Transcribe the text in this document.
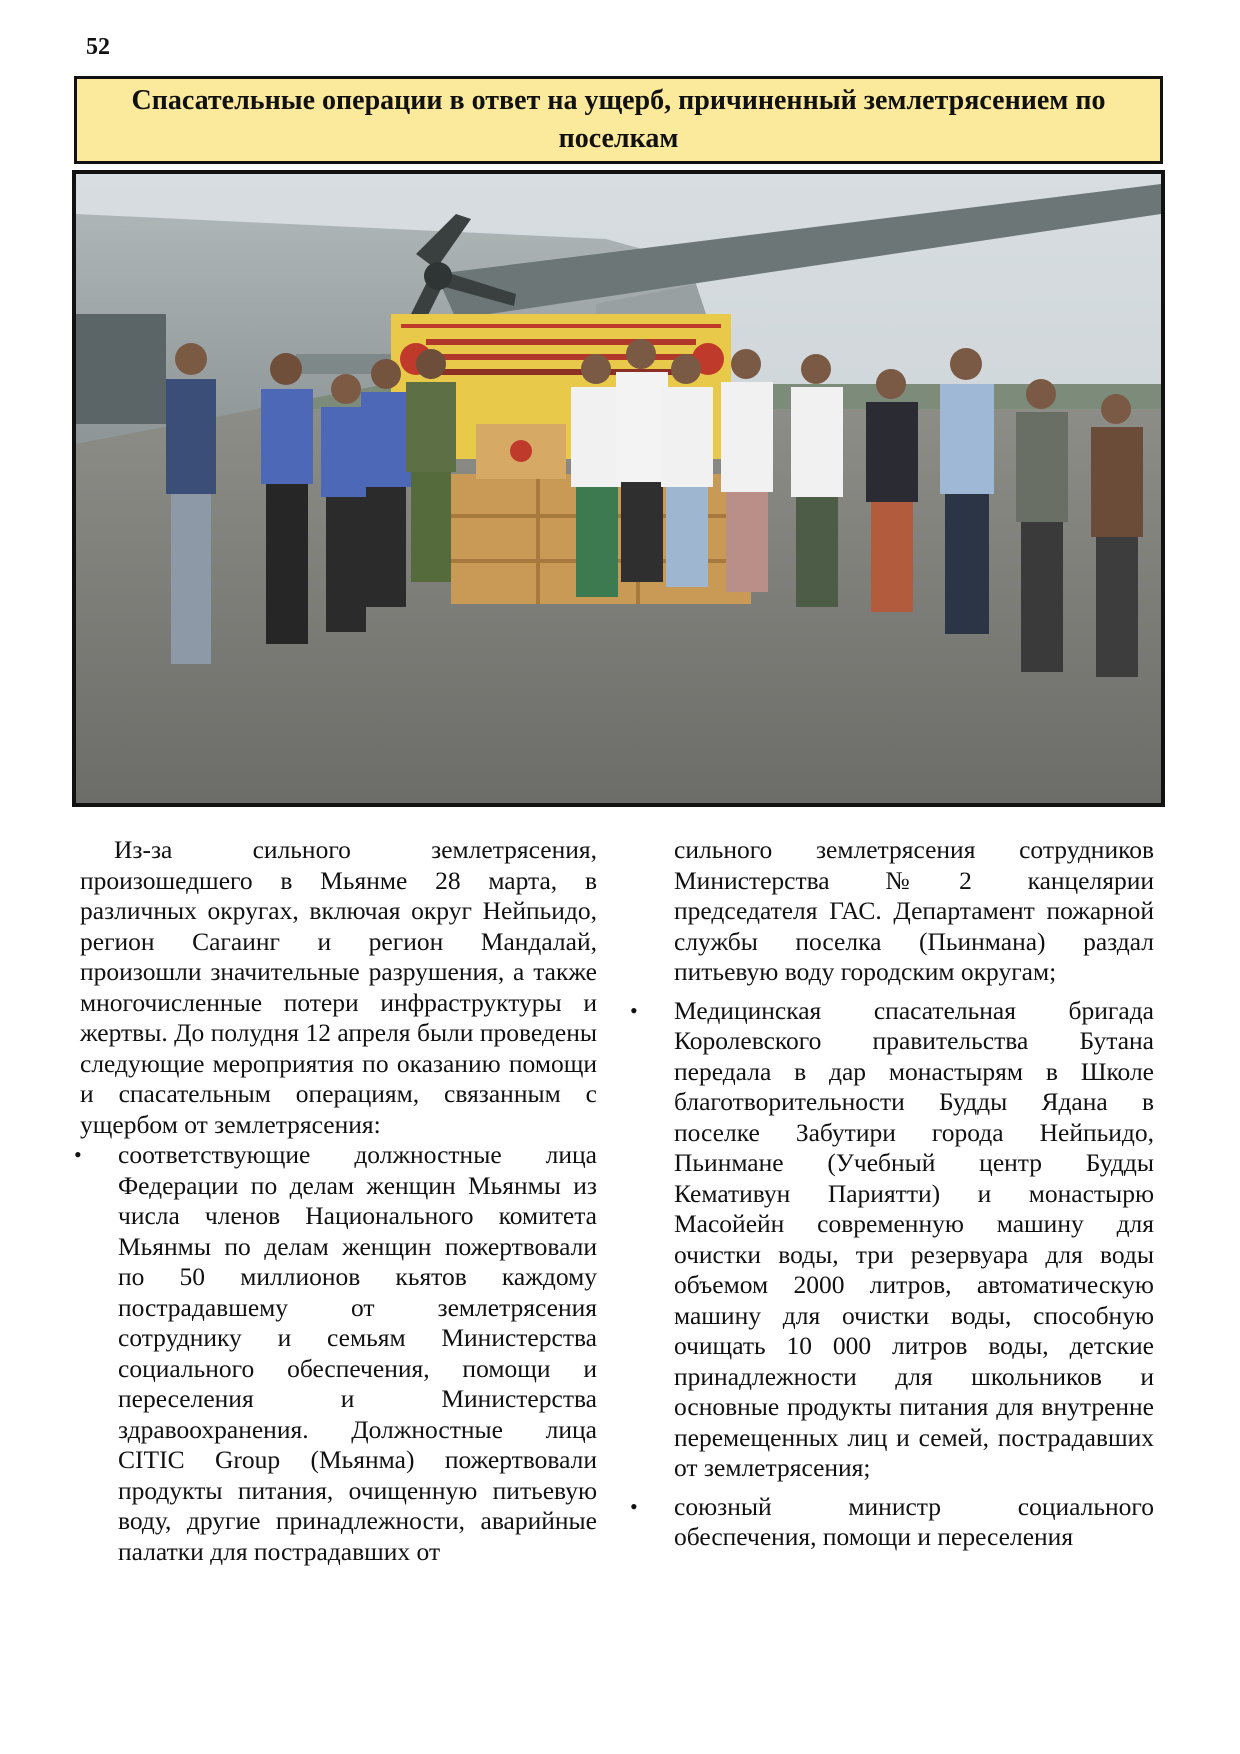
52
Спасательные операции в ответ на ущерб, причиненный землетрясением по поселкам

Из-за сильного землетрясения, произошедшего в Мьянме 28 марта, в различных округах, включая округ Нейпьидо, регион Сагаинг и регион Мандалай, произошли значительные разрушения, а также многочисленные потери инфраструктуры и жертвы. До полудня 12 апреля были проведены следующие мероприятия по оказанию помощи и спасательным операциям, связанным с ущербом от землетрясения:

• соответствующие должностные лица Федерации по делам женщин Мьянмы из числа членов Национального комитета Мьянмы по делам женщин пожертвовали по 50 миллионов кьятов каждому пострадавшему от землетрясения сотруднику и семьям Министерства социального обеспечения, помощи и переселения и Министерства здравоохранения. Должностные лица CITIC Group (Мьянма) пожертвовали продукты питания, очищенную питьевую воду, другие принадлежности, аварийные палатки для пострадавших от

сильного землетрясения сотрудников Министерства №2 канцелярии председателя ГАС. Департамент пожарной службы поселка (Пьинмана) раздал питьевую воду городским округам;

• Медицинская спасательная бригада Королевского правительства Бутана передала в дар монастырям в Школе благотворительности Будды Ядана в поселке Забутири города Нейпьидо, Пьинмане (Учебный центр Будды Кемативун Париятти) и монастырю Масойейн современную машину для очистки воды, три резервуара для воды объемом 2000 литров, автоматическую машину для очистки воды, способную очищать 10 000 литров воды, детские принадлежности для школьников и основные продукты питания для внутренне перемещенных лиц и семей, пострадавших от землетрясения;
• союзный министр социального обеспечения, помощи и переселения
